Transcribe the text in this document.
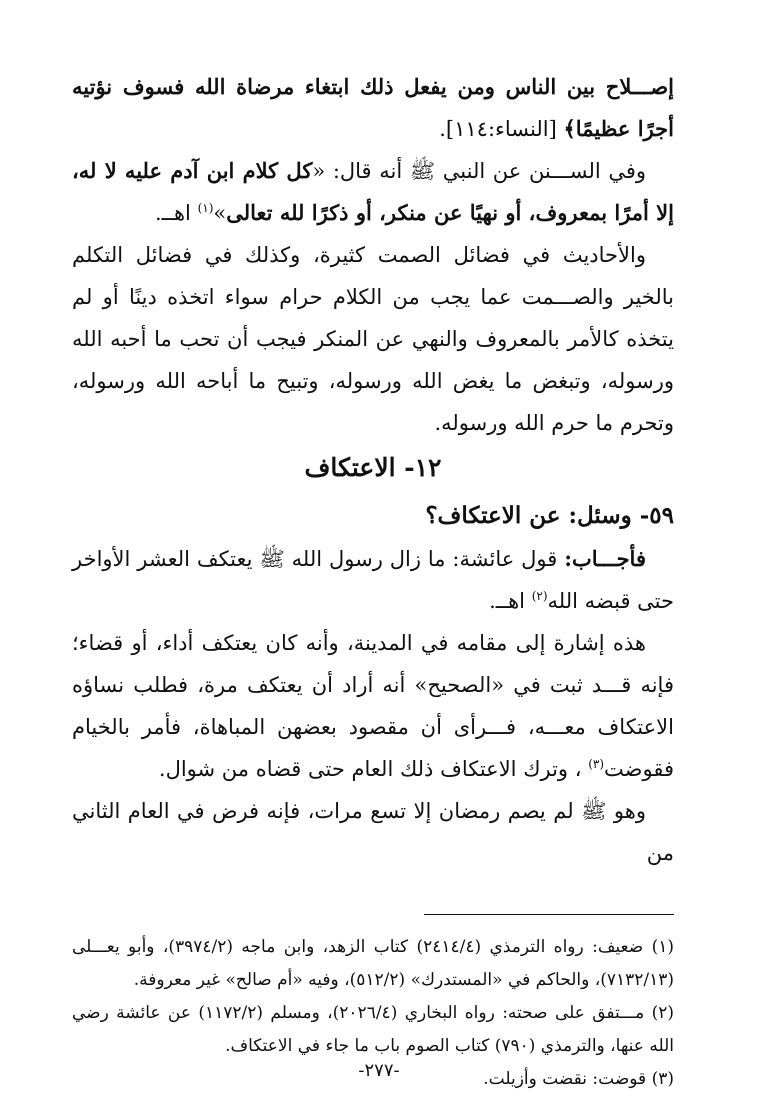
إصـــلاح بين الناس ومن يفعل ذلك ابتغاء مرضاة الله فسوف نؤتيه أجرًا عظيمًا﴾ [النساء:١١٤].

وفي الســـنن عن النبي ﷺ أنه قال: «كل كلام ابن آدم عليه لا له، إلا أمرًا بمعروف، أو نهيًا عن منكر، أو ذكرًا لله تعالى»$^{(١)}$ اهــ.

والأحاديث في فضائل الصمت كثيرة، وكذلك في فضائل التكلم بالخير والصـــمت عما يجب من الكلام حرام سواء اتخذه دينًا أو لم يتخذه كالأمر بالمعروف والنهي عن المنكر فيجب أن تحب ما أحبه الله ورسوله، وتبغض ما يغض الله ورسوله، وتبيح ما أباحه الله ورسوله، وتحرم ما حرم الله ورسوله.

١٢- الاعتكاف

٥٩- وسئل: عن الاعتكاف؟

فأجـــاب: قول عائشة: ما زال رسول الله ﷺ يعتكف العشر الأواخر حتى قبضه الله$^{(٢)}$ اهــ.

هذه إشارة إلى مقامه في المدينة، وأنه كان يعتكف أداء، أو قضاء؛ فإنه قـــد ثبت في «الصحيح» أنه أراد أن يعتكف مرة، فطلب نساؤه الاعتكاف معـــه، فـــرأى أن مقصود بعضهن المباهاة، فأمر بالخيام فقوضت$^{(٣)}$ ، وترك الاعتكاف ذلك العام حتى قضاه من شوال.

وهو ﷺ لم يصم رمضان إلا تسع مرات، فإنه فرض في العام الثاني من

(١) ضعيف: رواه الترمذي (٢٤١٤/٤) كتاب الزهد، وابن ماجه (٣٩٧٤/٢)، وأبو يعـــلى (٧١٣٢/١٣)، والحاكم في «المستدرك» (٥١٢/٢)، وفيه «أم صالح» غير معروفة.

(٢) مـــتفق على صحته: رواه البخاري (٢٠٢٦/٤)، ومسلم (١١٧٢/٢) عن عائشة رضي الله عنها، والترمذي (٧٩٠) كتاب الصوم باب ما جاء في الاعتكاف.

(٣) قوضت: نقضت وأزيلت.

-٢٧٧-
